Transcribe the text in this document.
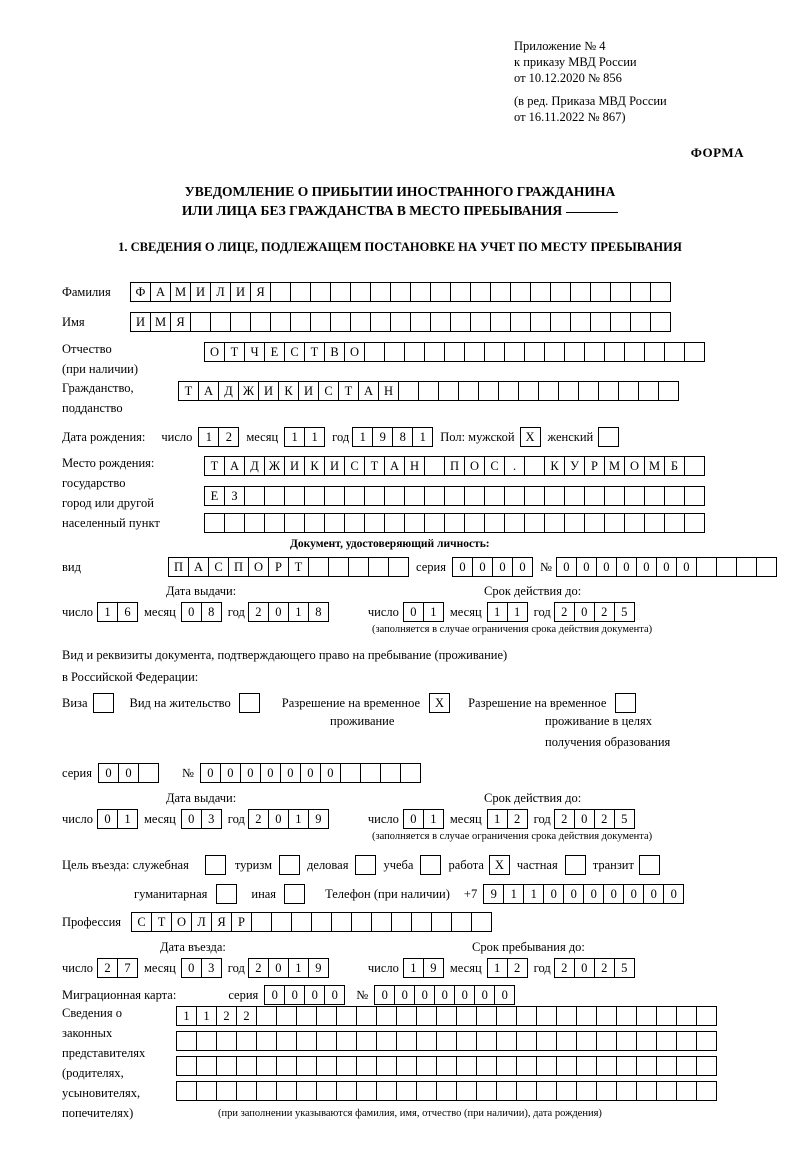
Приложение № 4
к приказу МВД России
от 10.12.2020 № 856
(в ред. Приказа МВД России
от 16.11.2022 № 867)
ФОРМА
УВЕДОМЛЕНИЕ О ПРИБЫТИИ ИНОСТРАННОГО ГРАЖДАНИНА
ИЛИ ЛИЦА БЕЗ ГРАЖДАНСТВА В МЕСТО ПРЕБЫВАНИЯ
1. СВЕДЕНИЯ О ЛИЦЕ, ПОДЛЕЖАЩЕМ ПОСТАНОВКЕ НА УЧЕТ ПО МЕСТУ ПРЕБЫВАНИЯ
Фамилия	Ф А М И Л И Я
Имя	И М Я
Отчество
(при наличии)
О Т Ч Е С Т В О
Гражданство,
подданство
Т А Д Ж И К И С Т А Н
Дата рождения: число	1	2	месяц	1	1	год 1	9	8	1	Пол: мужской X	женский
Место рождения:
государство
город или другой
населенный пункт
Т А Д Ж И К И С Т А Н	П О С	.	К У Р М О М Б
Е	З
Документ, удостоверяющий личность:
вид	П А С П О Р	Т	серия	0	0	0	0	№ 0	0	0	0	0	0	0
Дата выдачи:	Срок действия до:
число 1	6	месяц 0	8	год 2	0	1	8	число 0	1	месяц 1	1	год 2	0	2	5
(заполняется в случае ограничения срока действия документа)
Вид и реквизиты документа, подтверждающего право на пребывание (проживание)
в Российской Федерации:
Виза	Вид на жительство	Разрешение на временное	X	Разрешение на временное
проживание	проживание в целях
получения образования
серия	0	0	№	0	0	0	0	0	0	0
Дата выдачи:	Срок действия до:
число 0	1	месяц 0	3	год 2	0	1	9	число 0	1	месяц 1	2	год 2	0	2	5
(заполняется в случае ограничения срока действия документа)
Цель въезда: служебная	туризм	деловая	учеба	работа X	частная	транзит
гуманитарная	иная	Телефон (при наличии) +7	9	1	1	0	0	0	0	0	0	0
Профессия	С Т О Л Я Р
Дата въезда:	Срок пребывания до:
число 2	7	месяц 0	3	год 2	0	1	9	число 1	9	месяц 1	2	год 2	0	2	5
Миграционная карта:	серия	0	0	0	0	№	0	0	0	0	0	0	0
Сведения о
законных
представителях
(родителях,
усыновителях,
попечителях)
1	1	2	2
(при заполнении указываются фамилия, имя, отчество (при наличии), дата рождения)
